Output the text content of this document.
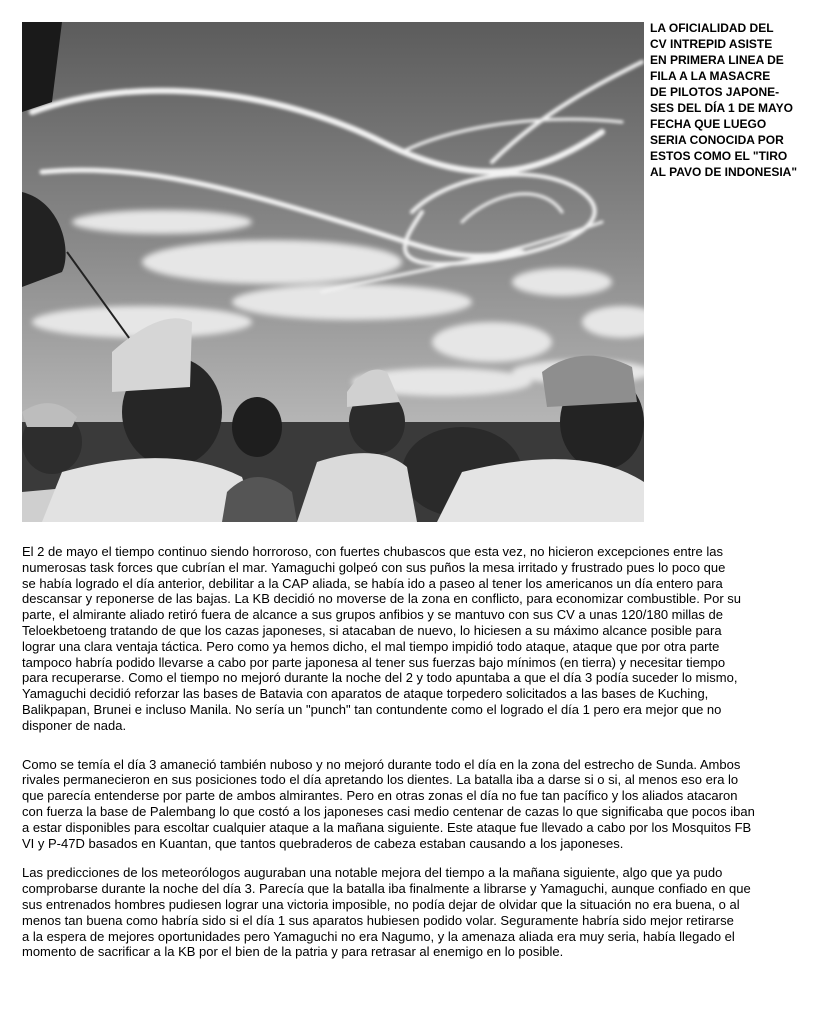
LA OFICIALIDAD DEL
CV INTREPID ASISTE
EN PRIMERA LINEA DE
FILA A LA MASACRE
DE PILOTOS JAPONE-
SES DEL DÍA 1 DE MAYO
FECHA QUE LUEGO
SERIA CONOCIDA POR
ESTOS COMO EL "TIRO
AL PAVO DE INDONESIA"

El 2 de mayo el tiempo continuo siendo horroroso, con fuertes chubascos que esta vez, no hicieron excepciones entre las
numerosas task forces que cubrían el mar. Yamaguchi golpeó con sus puños la mesa irritado y frustrado pues lo poco que
se había logrado el día anterior, debilitar a la CAP aliada, se había ido a paseo al tener los americanos un día entero para
descansar y reponerse de las bajas. La KB decidió no moverse de la zona en conflicto, para economizar combustible. Por su
parte, el almirante aliado retiró fuera de alcance a sus grupos anfibios y se mantuvo con sus CV a unas 120/180 millas de
Teloekbetoeng tratando de que los cazas japoneses, si atacaban de nuevo, lo hiciesen a su máximo alcance posible para
lograr una clara ventaja táctica. Pero como ya hemos dicho, el mal tiempo impidió todo ataque, ataque que por otra parte
tampoco habría podido llevarse a cabo por parte japonesa al tener sus fuerzas bajo mínimos (en tierra) y necesitar tiempo
para recuperarse. Como el tiempo no mejoró durante la noche del 2 y todo apuntaba a que el día 3 podía suceder lo mismo,
Yamaguchi decidió reforzar las bases de Batavia con aparatos de ataque torpedero solicitados a las bases de Kuching,
Balikpapan, Brunei e incluso Manila. No sería un "punch" tan contundente como el logrado el día 1 pero era mejor que no
disponer de nada.

Como se temía el día 3 amaneció también nuboso y no mejoró durante todo el día en la zona del estrecho de Sunda. Ambos
rivales permanecieron en sus posiciones todo el día apretando los dientes. La batalla iba a darse si o si, al menos eso era lo
que parecía entenderse por parte de ambos almirantes. Pero en otras zonas el día no fue tan pacífico y los aliados atacaron
con fuerza la base de Palembang lo que costó a los japoneses casi medio centenar de cazas lo que significaba que pocos iban
a estar disponibles para escoltar cualquier ataque a la mañana siguiente. Este ataque fue llevado a cabo por los Mosquitos FB
VI y P-47D basados en Kuantan, que tantos quebraderos de cabeza estaban causando a los japoneses.

Las predicciones de los meteorólogos auguraban una notable mejora del tiempo a la mañana siguiente, algo que ya pudo
comprobarse durante la noche del día 3. Parecía que la batalla iba finalmente a librarse y Yamaguchi, aunque confiado en que
sus entrenados hombres pudiesen lograr una victoria imposible, no podía dejar de olvidar que la situación no era buena, o al
menos tan buena como habría sido si el día 1 sus aparatos hubiesen podido volar. Seguramente habría sido mejor retirarse
a la espera de mejores oportunidades pero Yamaguchi no era Nagumo, y la amenaza aliada era muy seria, había llegado el
momento de sacrificar a la KB por el bien de la patria y para retrasar al enemigo en lo posible.
